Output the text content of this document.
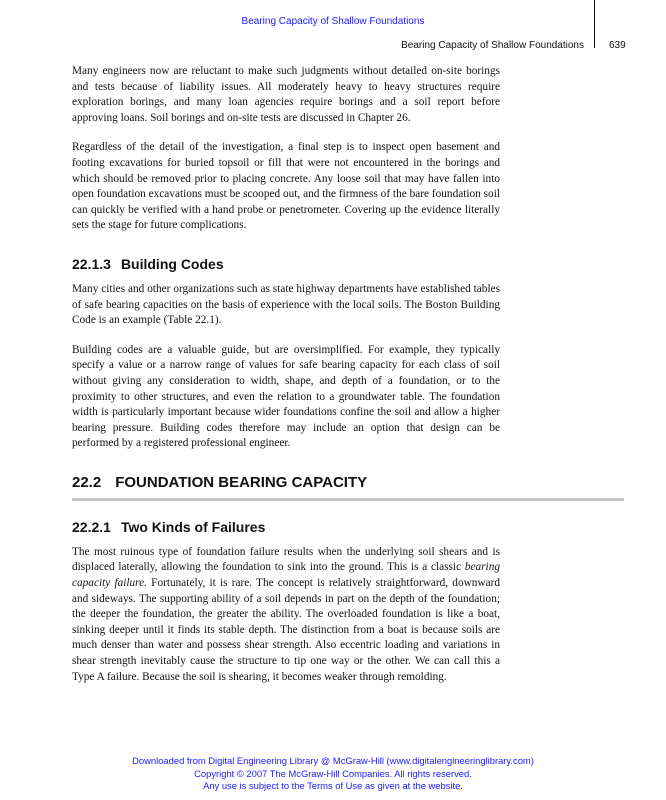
Bearing Capacity of Shallow Foundations
Bearing Capacity of Shallow Foundations	639

Many engineers now are reluctant to make such judgments without detailed on-site borings and tests because of liability issues. All moderately heavy to heavy structures require exploration borings, and many loan agencies require borings and a soil report before approving loans. Soil borings and on-site tests are discussed in Chapter 26.

Regardless of the detail of the investigation, a final step is to inspect open basement and footing excavations for buried topsoil or fill that were not encountered in the borings and which should be removed prior to placing concrete. Any loose soil that may have fallen into open foundation excavations must be scooped out, and the firmness of the bare foundation soil can quickly be verified with a hand probe or penetrometer. Covering up the evidence literally sets the stage for future complications.

22.1.3 Building Codes

Many cities and other organizations such as state highway departments have established tables of safe bearing capacities on the basis of experience with the local soils. The Boston Building Code is an example (Table 22.1).

Building codes are a valuable guide, but are oversimplified. For example, they typically specify a value or a narrow range of values for safe bearing capacity for each class of soil without giving any consideration to width, shape, and depth of a foundation, or to the proximity to other structures, and even the relation to a groundwater table. The foundation width is particularly important because wider foundations confine the soil and allow a higher bearing pressure. Building codes therefore may include an option that design can be performed by a registered professional engineer.

22.2 FOUNDATION BEARING CAPACITY
22.2.1 Two Kinds of Failures

The most ruinous type of foundation failure results when the underlying soil shears and is displaced laterally, allowing the foundation to sink into the ground. This is a classic bearing capacity failure. Fortunately, it is rare. The concept is relatively straightforward, downward and sideways. The supporting ability of a soil depends in part on the depth of the foundation; the deeper the foundation, the greater the ability. The overloaded foundation is like a boat, sinking deeper until it finds its stable depth. The distinction from a boat is because soils are much denser than water and possess shear strength. Also eccentric loading and variations in shear strength inevitably cause the structure to tip one way or the other. We can call this a Type A failure. Because the soil is shearing, it becomes weaker through remolding.

Downloaded from Digital Engineering Library @ McGraw-Hill (www.digitalengineeringlibrary.com)
Copyright © 2007 The McGraw-Hill Companies. All rights reserved.
Any use is subject to the Terms of Use as given at the website.
